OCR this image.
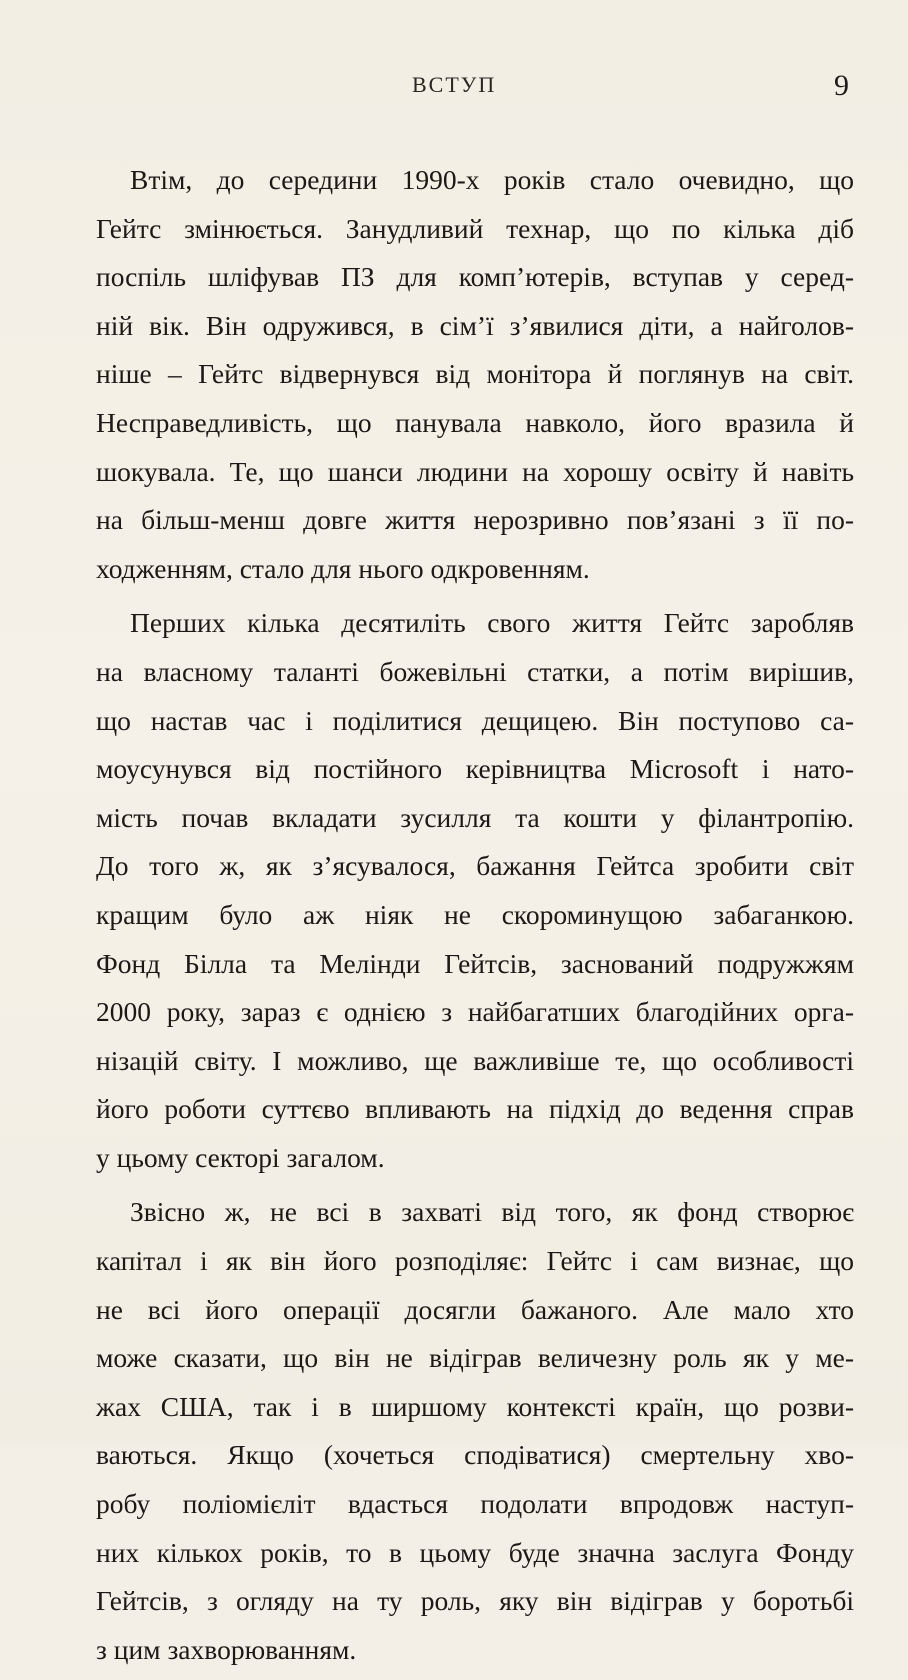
ВСТУП	9
Втім, до середини 1990-х років стало очевидно, що
Гейтс змінюється. Занудливий технар, що по кілька діб
поспіль шліфував ПЗ для комп’ютерів, вступав у серед-
ній вік. Він одружився, в сім’ї з’явилися діти, а найголов-
ніше – Гейтс відвернувся від монітора й поглянув на світ.
Несправедливість, що панувала навколо, його вразила й
шокувала. Те, що шанси людини на хорошу освіту й навіть
на більш-менш довге життя нерозривно пов’язані з її по-
ходженням, стало для нього одкровенням.
Перших кілька десятиліть свого життя Гейтс заробляв
на власному таланті божевільні статки, а потім вирішив,
що настав час і поділитися дещицею. Він поступово са-
моусунувся від постійного керівництва Microsoft і нато-
мість почав вкладати зусилля та кошти у філантропію.
До того ж, як з’ясувалося, бажання Гейтса зробити світ
кращим було аж ніяк не скороминущою забаганкою.
Фонд Білла та Мелінди Гейтсів, заснований подружжям
2000 року, зараз є однією з найбагатших благодійних орга-
нізацій світу. І можливо, ще важливіше те, що особливості
його роботи суттєво впливають на підхід до ведення справ
у цьому секторі загалом.
Звісно ж, не всі в захваті від того, як фонд створює
капітал і як він його розподіляє: Гейтс і сам визнає, що
не всі його операції досягли бажаного. Але мало хто
може сказати, що він не відіграв величезну роль як у ме-
жах США, так і в ширшому контексті країн, що розви-
ваються. Якщо (хочеться сподіватися) смертельну хво-
робу поліомієліт вдасться подолати впродовж наступ-
них кількох років, то в цьому буде значна заслуга Фонду
Гейтсів, з огляду на ту роль, яку він відіграв у боротьбі
з цим захворюванням.
